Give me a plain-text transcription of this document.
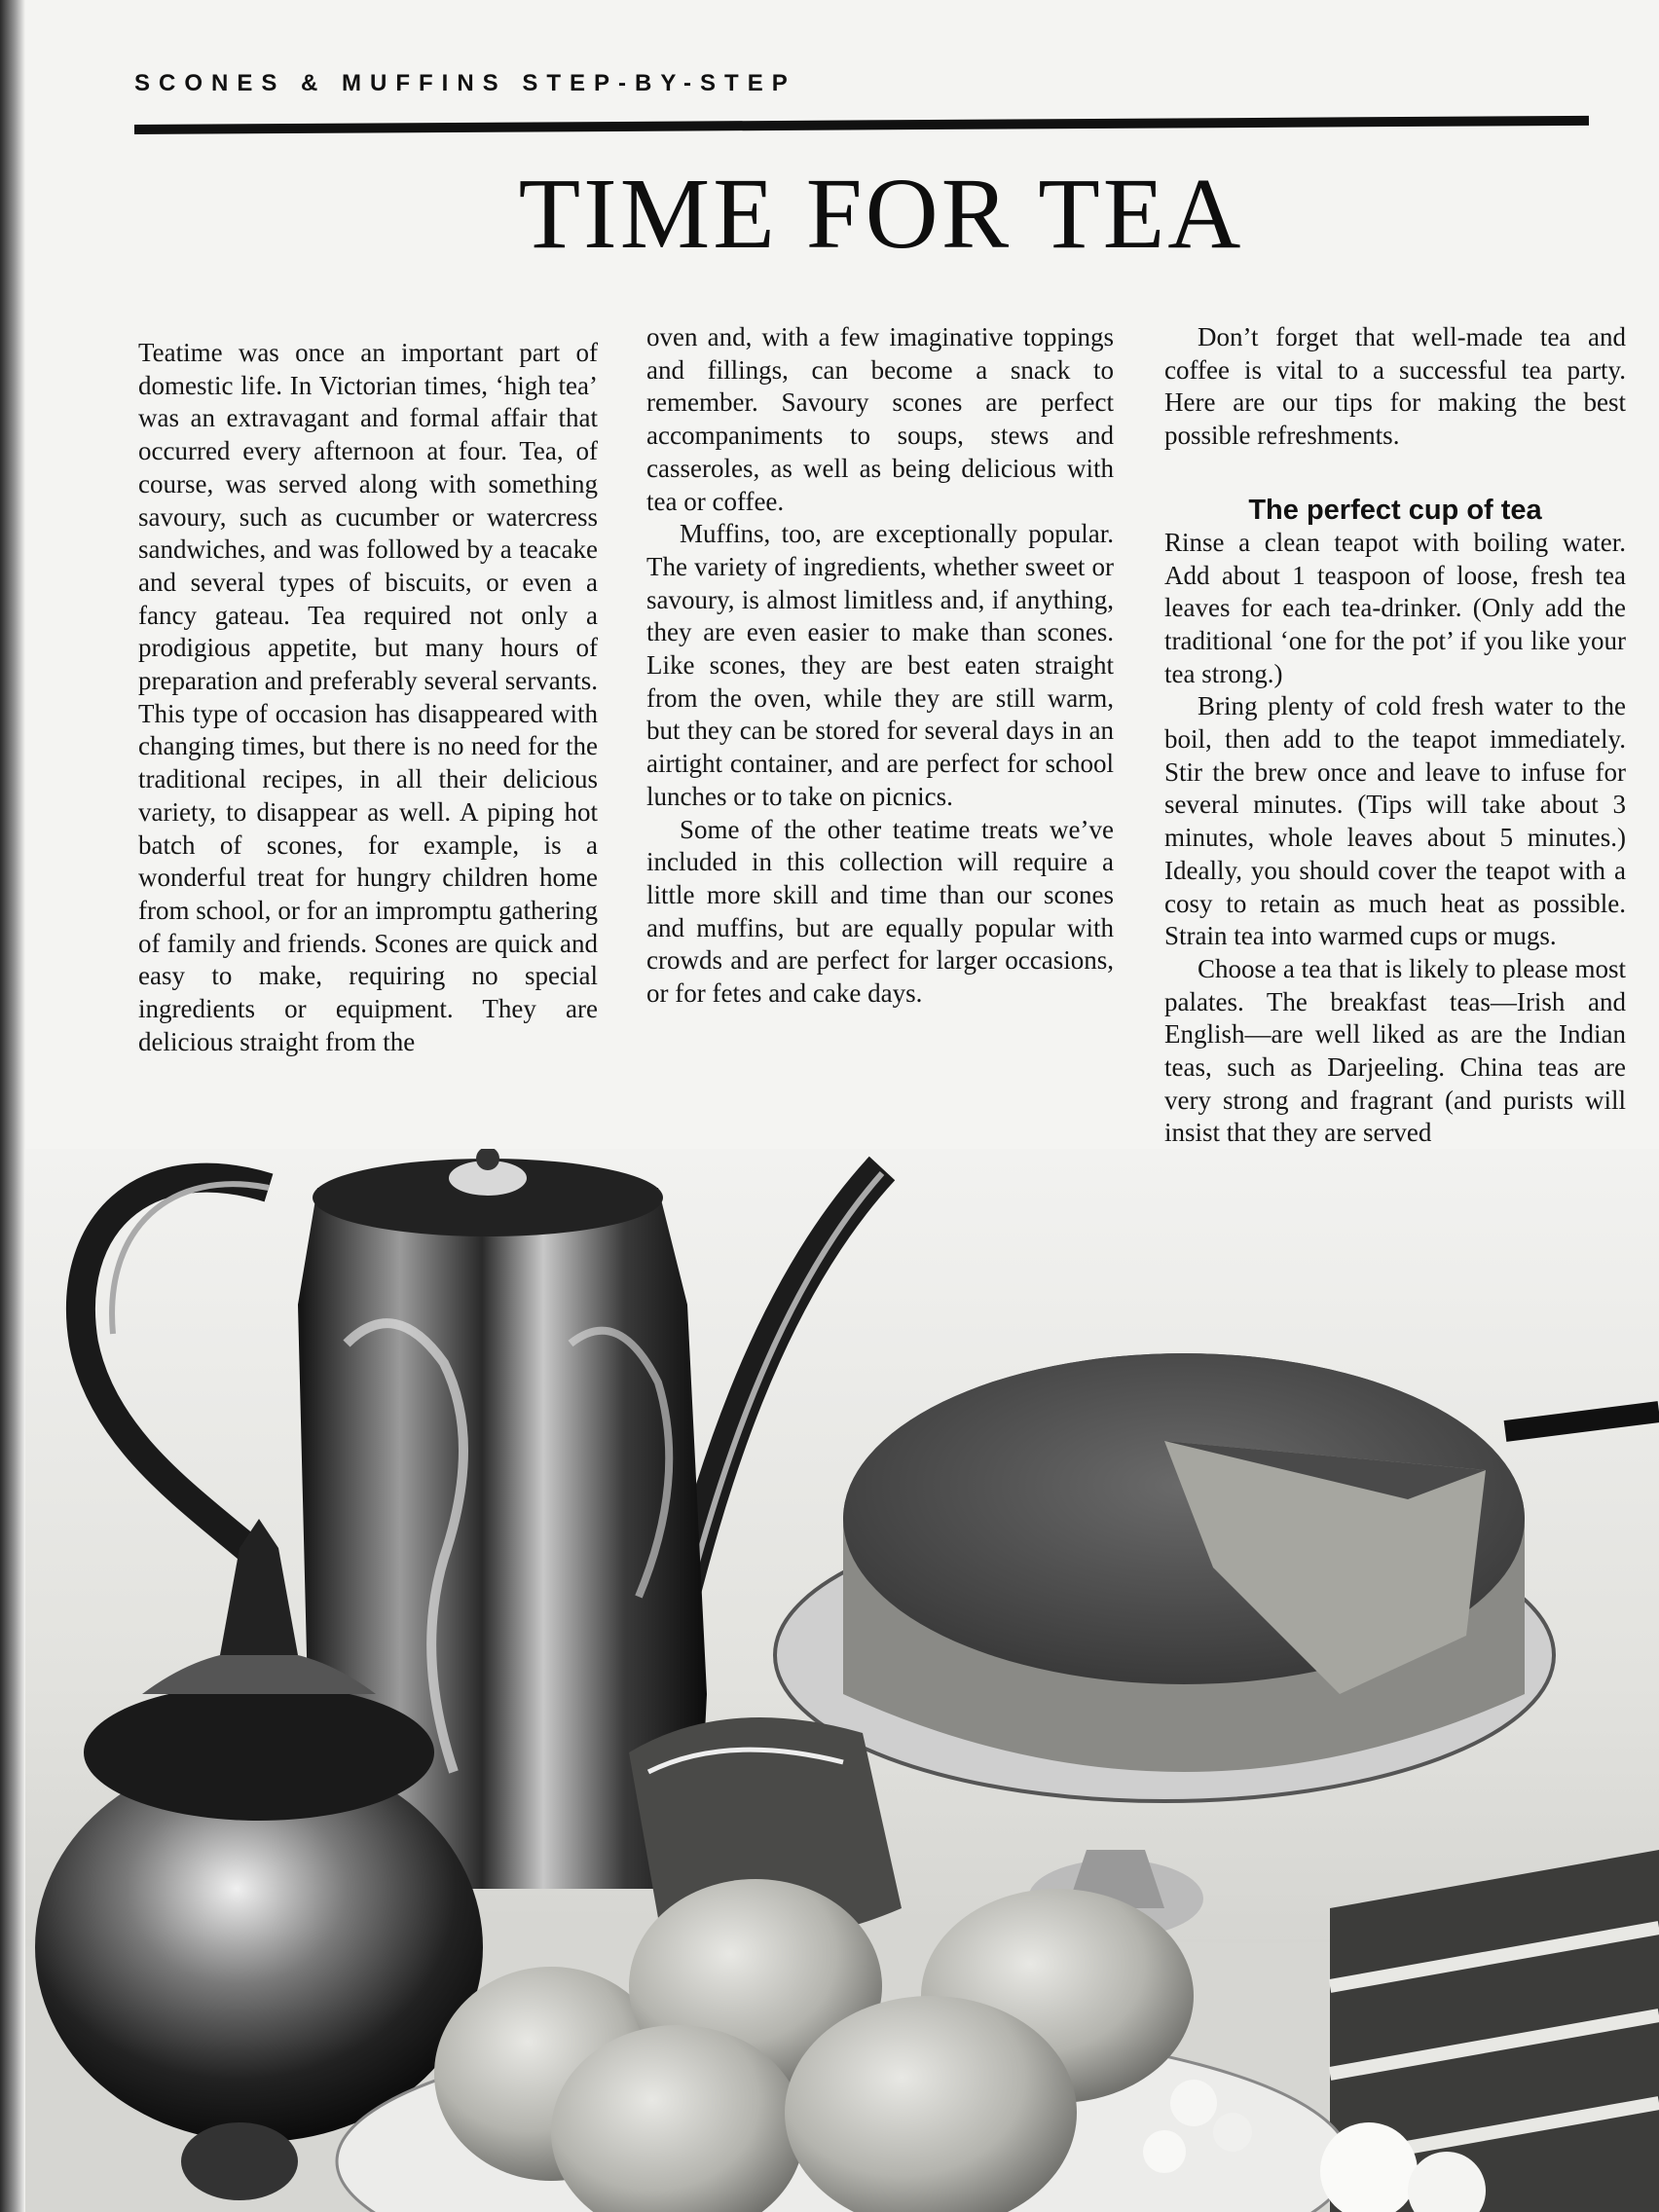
SCONES & MUFFINS STEP-BY-STEP
TIME FOR TEA

Teatime was once an important part of domestic life. In Victorian times, ‘high tea’ was an extravagant and formal affair that occurred every afternoon at four. Tea, of course, was served along with something savoury, such as cucumber or watercress sandwiches, and was followed by a teacake and several types of biscuits, or even a fancy gateau. Tea required not only a prodigious appetite, but many hours of preparation and preferably several servants. This type of occasion has disappeared with changing times, but there is no need for the traditional recipes, in all their delicious variety, to disappear as well. A piping hot batch of scones, for example, is a wonderful treat for hungry children home from school, or for an impromptu gathering of family and friends. Scones are quick and easy to make, requiring no special ingredients or equipment. They are delicious straight from the

oven and, with a few imaginative toppings and fillings, can become a snack to remember. Savoury scones are perfect accompaniments to soups, stews and casseroles, as well as being delicious with tea or coffee.

Muffins, too, are exceptionally popular. The variety of ingredients, whether sweet or savoury, is almost limitless and, if anything, they are even easier to make than scones. Like scones, they are best eaten straight from the oven, while they are still warm, but they can be stored for several days in an airtight container, and are perfect for school lunches or to take on picnics.

Some of the other teatime treats we’ve included in this collection will require a little more skill and time than our scones and muffins, but are equally popular with crowds and are perfect for larger occasions, or for fetes and cake days.

Don’t forget that well-made tea and coffee is vital to a successful tea party. Here are our tips for making the best possible refreshments.

The perfect cup of tea

Rinse a clean teapot with boiling water. Add about 1 teaspoon of loose, fresh tea leaves for each tea-drinker. (Only add the traditional ‘one for the pot’ if you like your tea strong.)

Bring plenty of cold fresh water to the boil, then add to the teapot immediately. Stir the brew once and leave to infuse for several minutes. (Tips will take about 3 minutes, whole leaves about 5 minutes.) Ideally, you should cover the teapot with a cosy to retain as much heat as possible. Strain tea into warmed cups or mugs.

Choose a tea that is likely to please most palates. The breakfast teas—Irish and English—are well liked as are the Indian teas, such as Darjeeling. China teas are very strong and fragrant (and purists will insist that they are served
